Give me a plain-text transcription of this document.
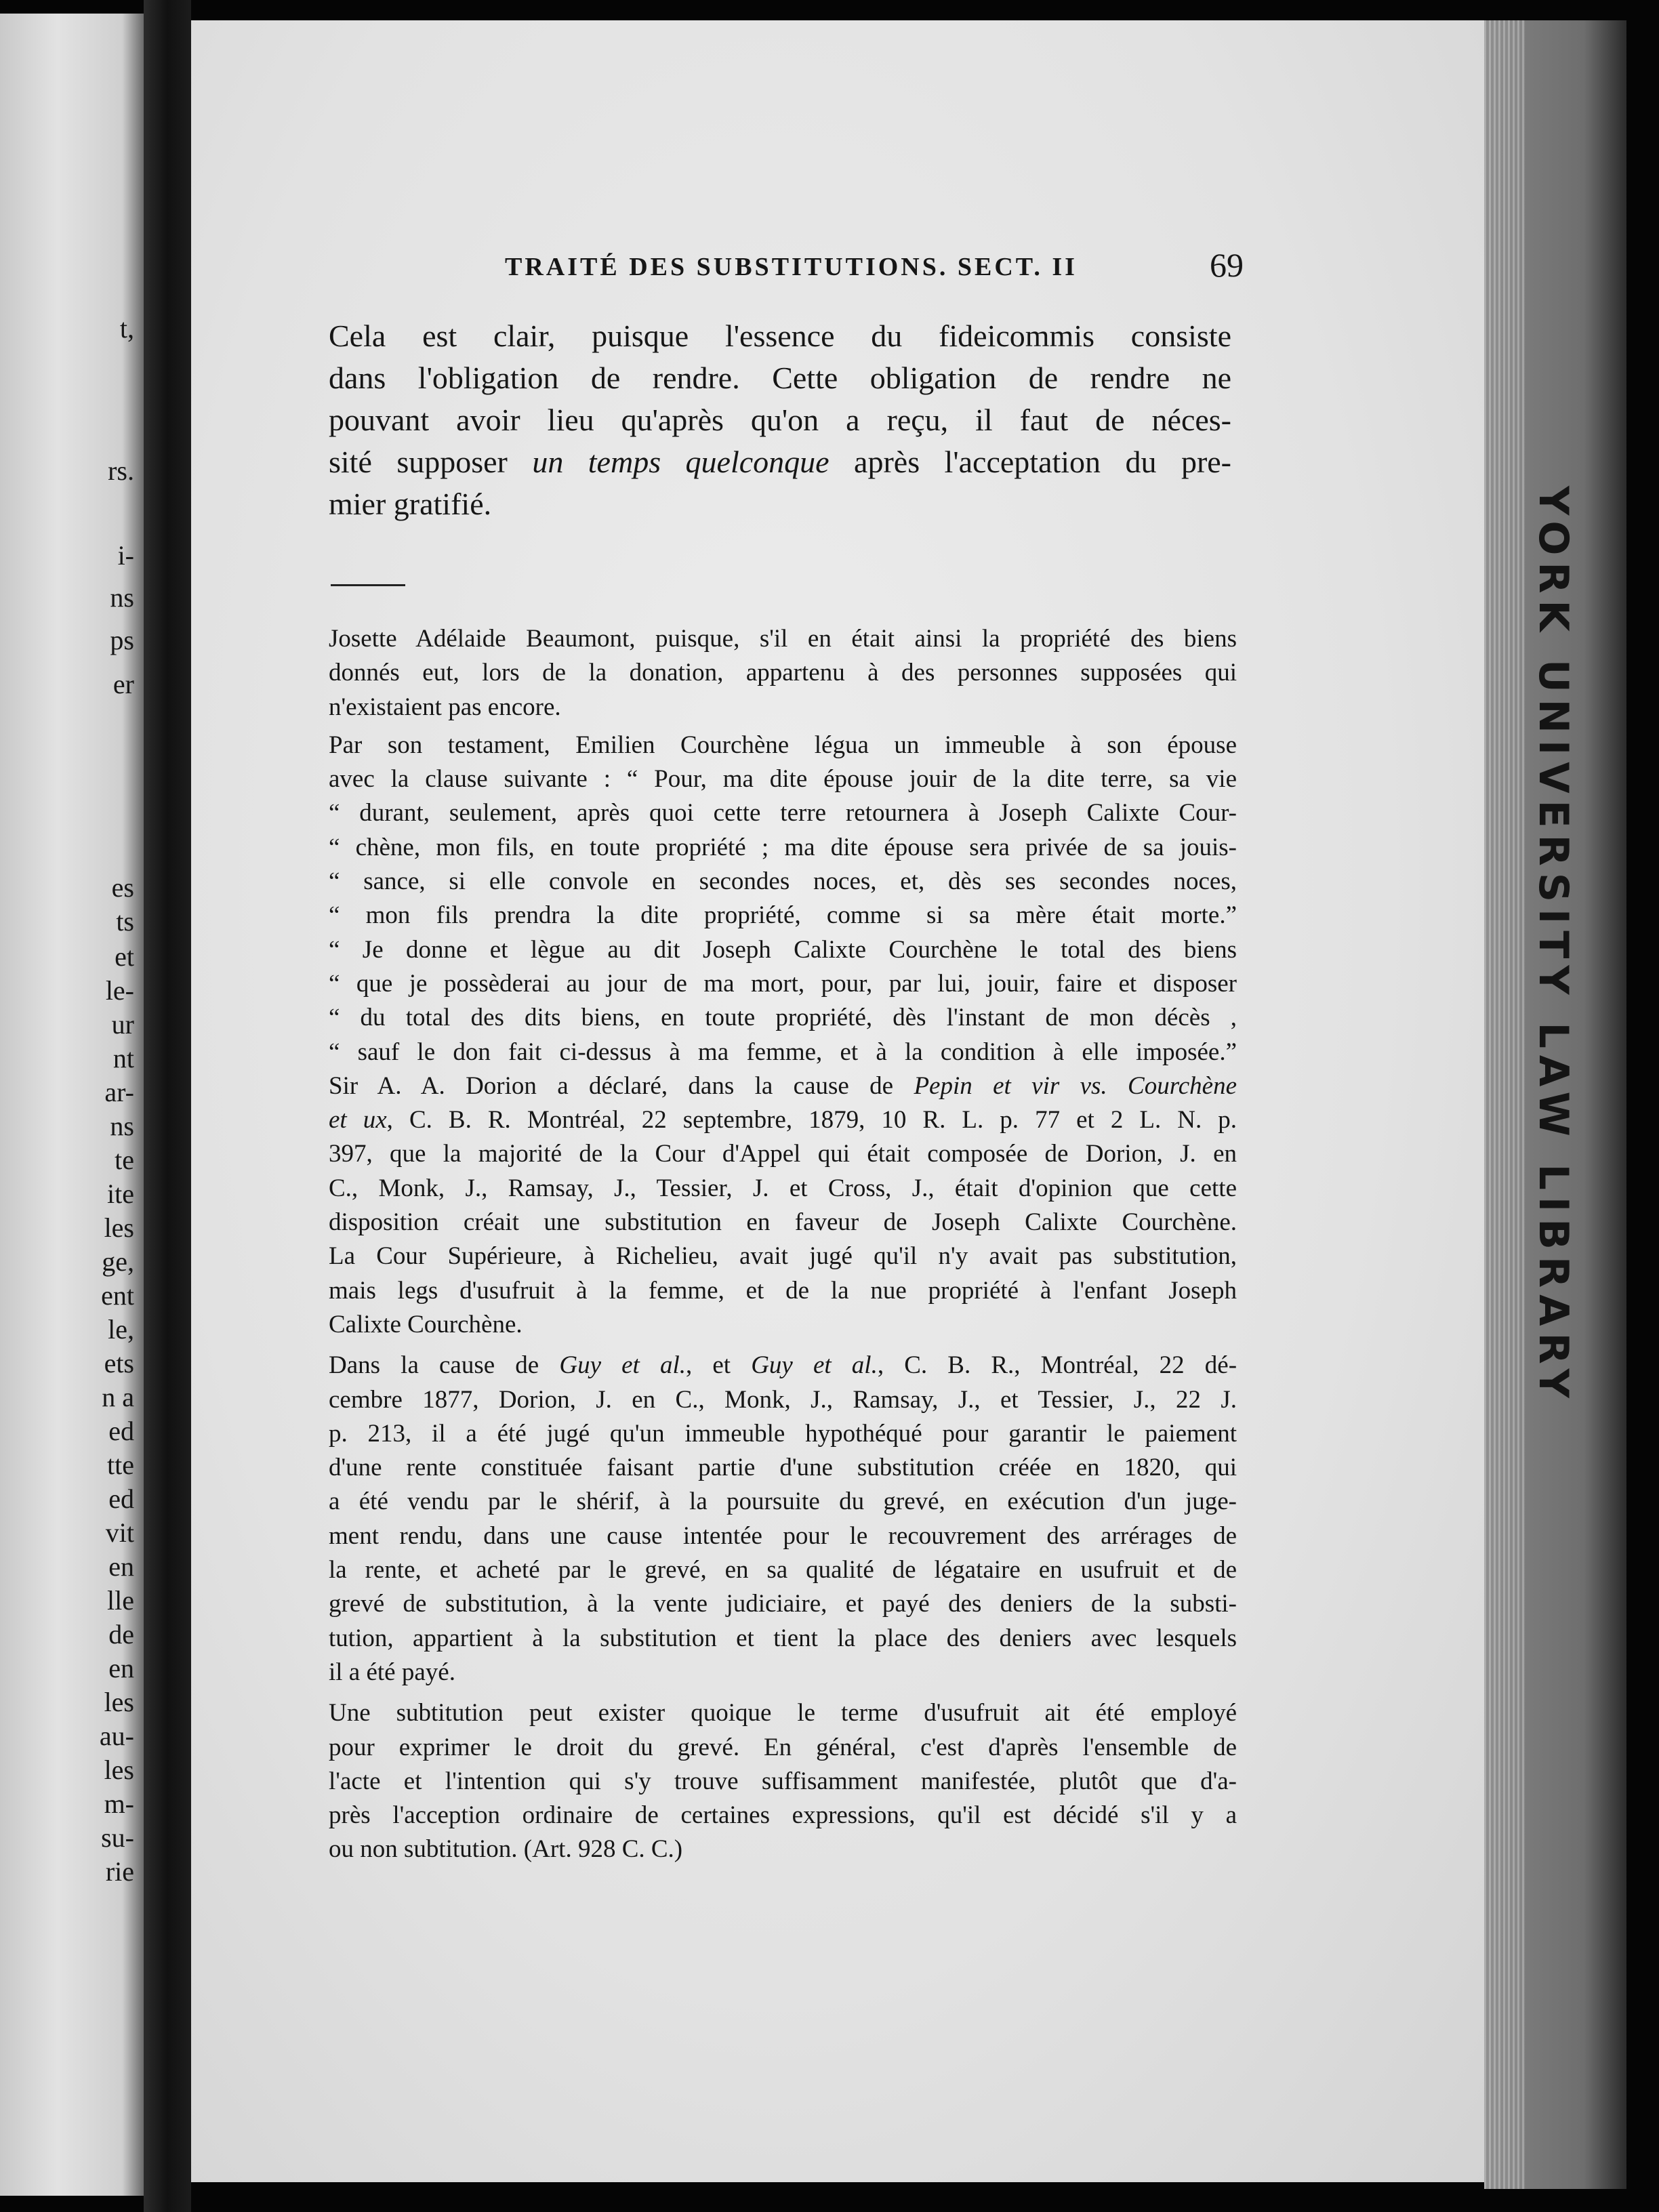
t,
rs.
i-
ns
ps
er
es
ts
et
le-
ur
nt
ar-
ns
te
ite
les
ge,
ent
le,
ets
n a
ed
tte
ed
vit
en
lle
de
en
les
au-
les
m-
su-
rie
YORK UNIVERSITY LAW LIBRARY
TRAITÉ DES SUBSTITUTIONS. SECT. II	69
Cela est clair, puisque l'essence du fideicommis consiste
dans l'obligation de rendre. Cette obligation de rendre ne
pouvant avoir lieu qu'après qu'on a reçu, il faut de néces-
sité supposer un temps quelconque après l'acceptation du pre-
mier gratifié.
Josette Adélaide Beaumont, puisque, s'il en était ainsi la propriété des biens
donnés eut, lors de la donation, appartenu à des personnes supposées qui
n'existaient pas encore.
Par son testament, Emilien Courchène légua un immeuble à son épouse
avec la clause suivante : “ Pour, ma dite épouse jouir de la dite terre, sa vie
“ durant, seulement, après quoi cette terre retournera à Joseph Calixte Cour-
“ chène, mon fils, en toute propriété ; ma dite épouse sera privée de sa jouis-
“ sance, si elle convole en secondes noces, et, dès ses secondes noces,
“ mon fils prendra la dite propriété, comme si sa mère était morte.”
“ Je donne et lègue au dit Joseph Calixte Courchène le total des biens
“ que je possèderai au jour de ma mort, pour, par lui, jouir, faire et disposer
“ du total des dits biens, en toute propriété, dès l'instant de mon décès ,
“ sauf le don fait ci-dessus à ma femme, et à la condition à elle imposée.”
Sir A. A. Dorion a déclaré, dans la cause de Pepin et vir vs. Courchène
et ux, C. B. R. Montréal, 22 septembre, 1879, 10 R. L. p. 77 et 2 L. N. p.
397, que la majorité de la Cour d'Appel qui était composée de Dorion, J. en
C., Monk, J., Ramsay, J., Tessier, J. et Cross, J., était d'opinion que cette
disposition créait une substitution en faveur de Joseph Calixte Courchène.
La Cour Supérieure, à Richelieu, avait jugé qu'il n'y avait pas substitution,
mais legs d'usufruit à la femme, et de la nue propriété à l'enfant Joseph
Calixte Courchène.
Dans la cause de Guy et al., et Guy et al., C. B. R., Montréal, 22 dé-
cembre 1877, Dorion, J. en C., Monk, J., Ramsay, J., et Tessier, J., 22 J.
p. 213, il a été jugé qu'un immeuble hypothéqué pour garantir le paiement
d'une rente constituée faisant partie d'une substitution créée en 1820, qui
a été vendu par le shérif, à la poursuite du grevé, en exécution d'un juge-
ment rendu, dans une cause intentée pour le recouvrement des arrérages de
la rente, et acheté par le grevé, en sa qualité de légataire en usufruit et de
grevé de substitution, à la vente judiciaire, et payé des deniers de la substi-
tution, appartient à la substitution et tient la place des deniers avec lesquels
il a été payé.
Une subtitution peut exister quoique le terme d'usufruit ait été employé
pour exprimer le droit du grevé. En général, c'est d'après l'ensemble de
l'acte et l'intention qui s'y trouve suffisamment manifestée, plutôt que d'a-
près l'acception ordinaire de certaines expressions, qu'il est décidé s'il y a
ou non subtitution. (Art. 928 C. C.)
